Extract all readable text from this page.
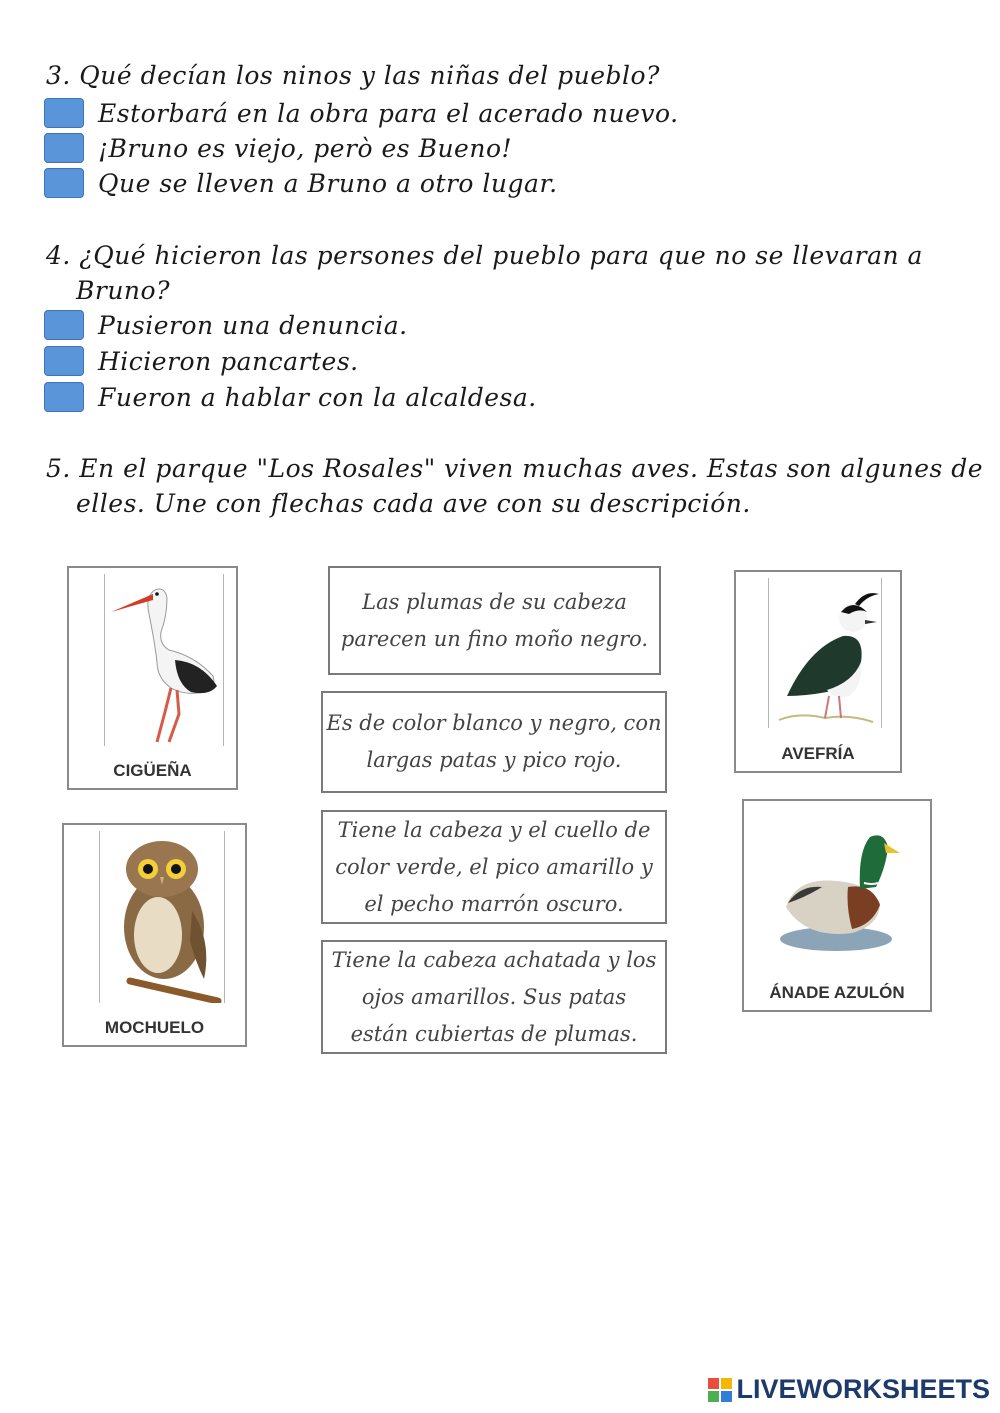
3. Qué decían los ninos y las niñas del pueblo?
Estorbará en la obra para el acerado nuevo.
¡Bruno es viejo, però es Bueno!
Que se lleven a Bruno a otro lugar.
4. ¿Qué hicieron las persones del pueblo para que no se llevaran a
Bruno?
Pusieron una denuncia.
Hicieron pancartes.
Fueron a hablar con la alcaldesa.
5. En el parque "Los Rosales" viven muchas aves. Estas son algunes de
elles. Une con flechas cada ave con su descripción.
CIGÜEÑA
MOCHUELO
AVEFRÍA
ÁNADE AZULÓN
Las plumas de su cabeza
parecen un fino moño negro.
Es de color blanco y negro, con
largas patas y pico rojo.
Tiene la cabeza y el cuello de
color verde, el pico amarillo y
el pecho marrón oscuro.
Tiene la cabeza achatada y los
ojos amarillos. Sus patas
están cubiertas de plumas.
LIVEWORKSHEETS
